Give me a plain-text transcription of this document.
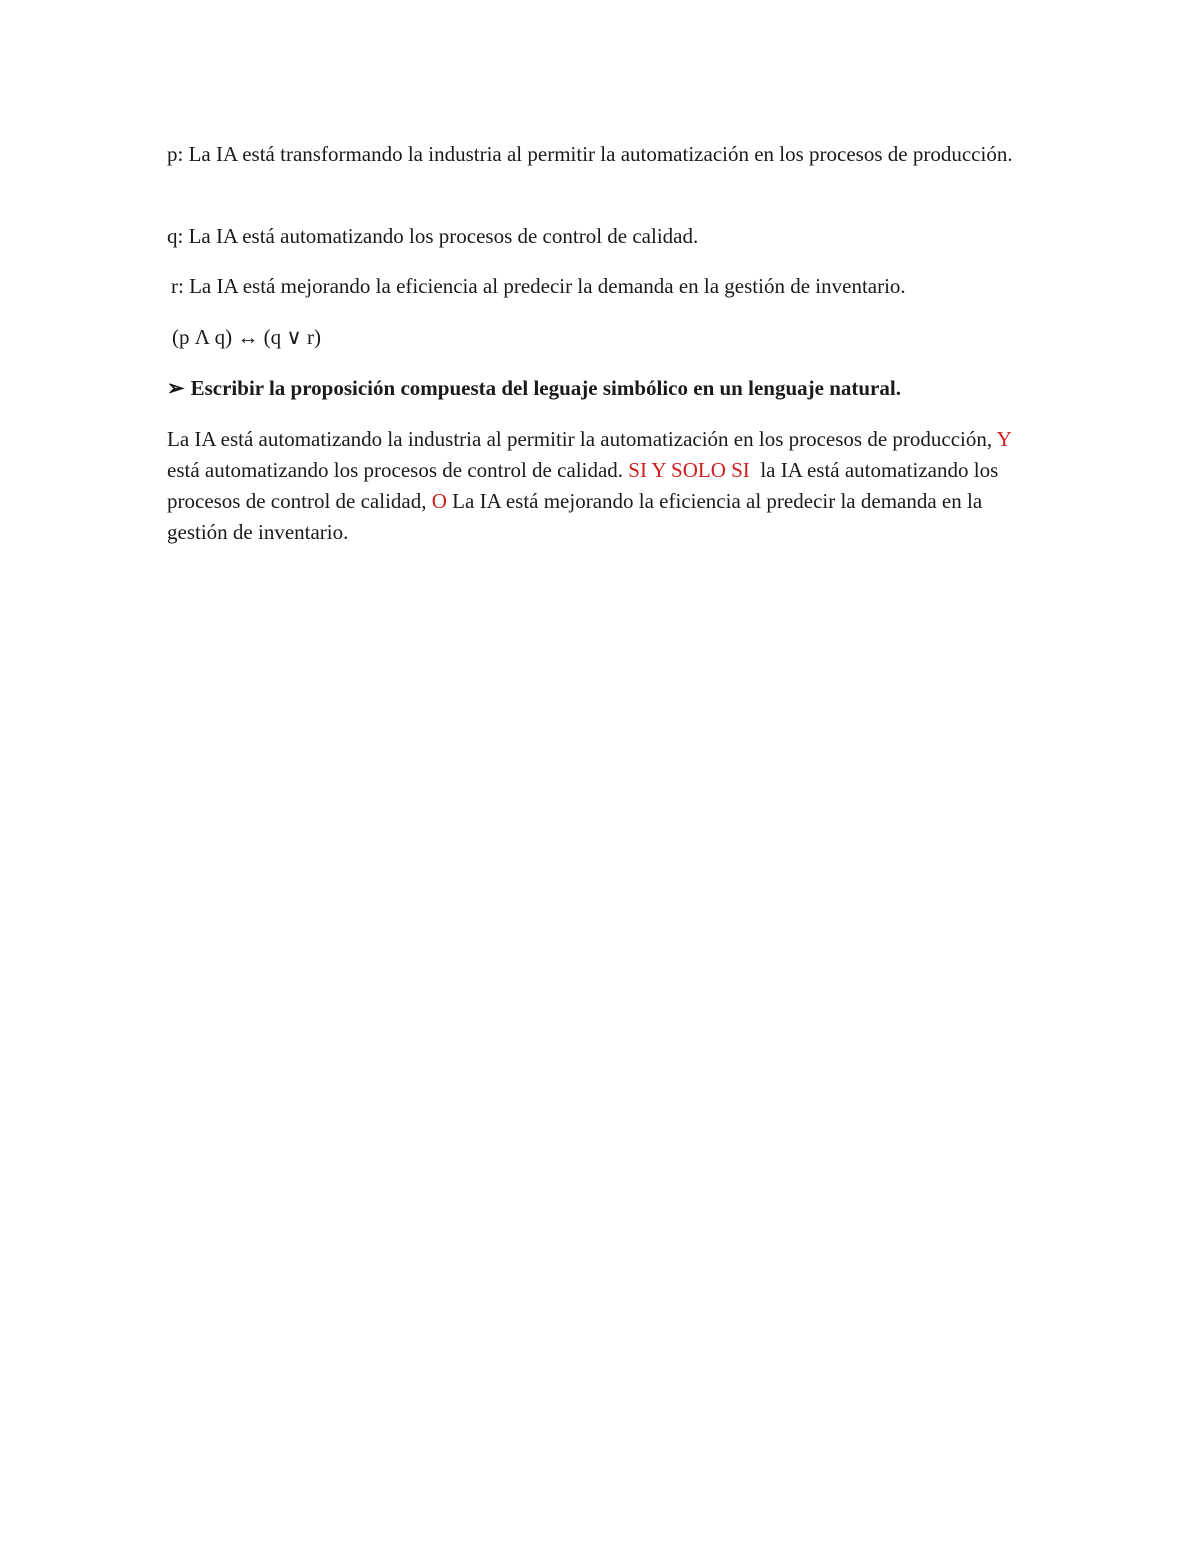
p: La IA está transformando la industria al permitir la automatización en los procesos de producción.
q: La IA está automatizando los procesos de control de calidad.
r: La IA está mejorando la eficiencia al predecir la demanda en la gestión de inventario.
(p Λ q) ↔ (q ∨ r)
➢ Escribir la proposición compuesta del leguaje simbólico en un lenguaje natural.
La IA está automatizando la industria al permitir la automatización en los procesos de producción, Y está automatizando los procesos de control de calidad. SI Y SOLO SI  la IA está automatizando los procesos de control de calidad, O La IA está mejorando la eficiencia al predecir la demanda en la gestión de inventario.
